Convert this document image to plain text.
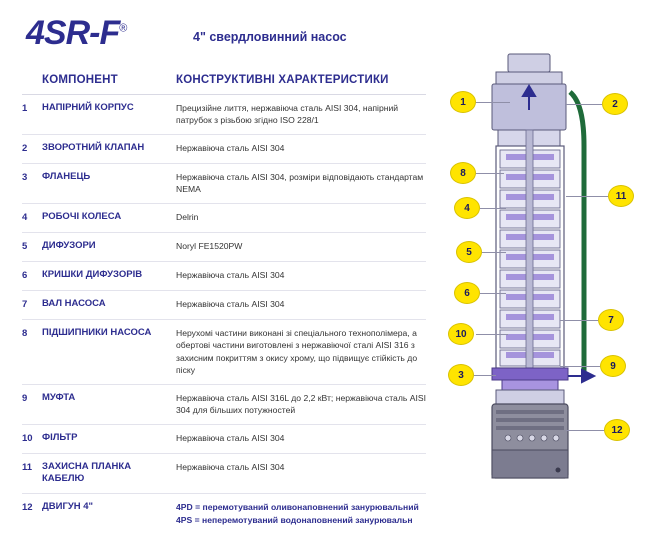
4SR-F®
4" свердловинний насос
КОМПОНЕНТ	КОНСТРУКТИВНІ ХАРАКТЕРИСТИКИ
1	НАПІРНИЙ КОРПУС	Прецизійне лиття, нержавіюча сталь AISI 304, напірний патрубок з різьбою згідно ISO 228/1
2	ЗВОРОТНИЙ КЛАПАН	Нержавіюча сталь AISI 304
3	ФЛАНЕЦЬ	Нержавіюча сталь AISI 304, розміри відповідають стандартам NEMA
4	РОБОЧІ КОЛЕСА	Delrin
5	ДИФУЗОРИ	Noryl FE1520PW
6	КРИШКИ ДИФУЗОРІВ	Нержавіюча сталь AISI 304
7	ВАЛ НАСОСА	Нержавіюча сталь AISI 304
8	ПІДШИПНИКИ НАСОСА	Нерухомі частини виконані зі спеціального технополімера, а обертові частини виготовлені з нержавіючої сталі AISI 316 з захисним покриттям з окису хрому, що підвищує стійкість до піску
9	МУФТА	Нержавіюча сталь AISI 316L до 2,2 кВт; нержавіюча сталь AISI 304 для більших потужностей
10 ФІЛЬТР	Нержавіюча сталь AISI 304
11	ЗАХИСНА ПЛАНКА КАБЕЛЮ
Нержавіюча сталь AISI 304
12 ДВИГУН 4"	4PD = перемотуваний оливонаповнений занурювальний
4PS = неперемотуваний водонаповнений занурювальн
1	2
8
4
11
5
6
7
10
9
3
12
